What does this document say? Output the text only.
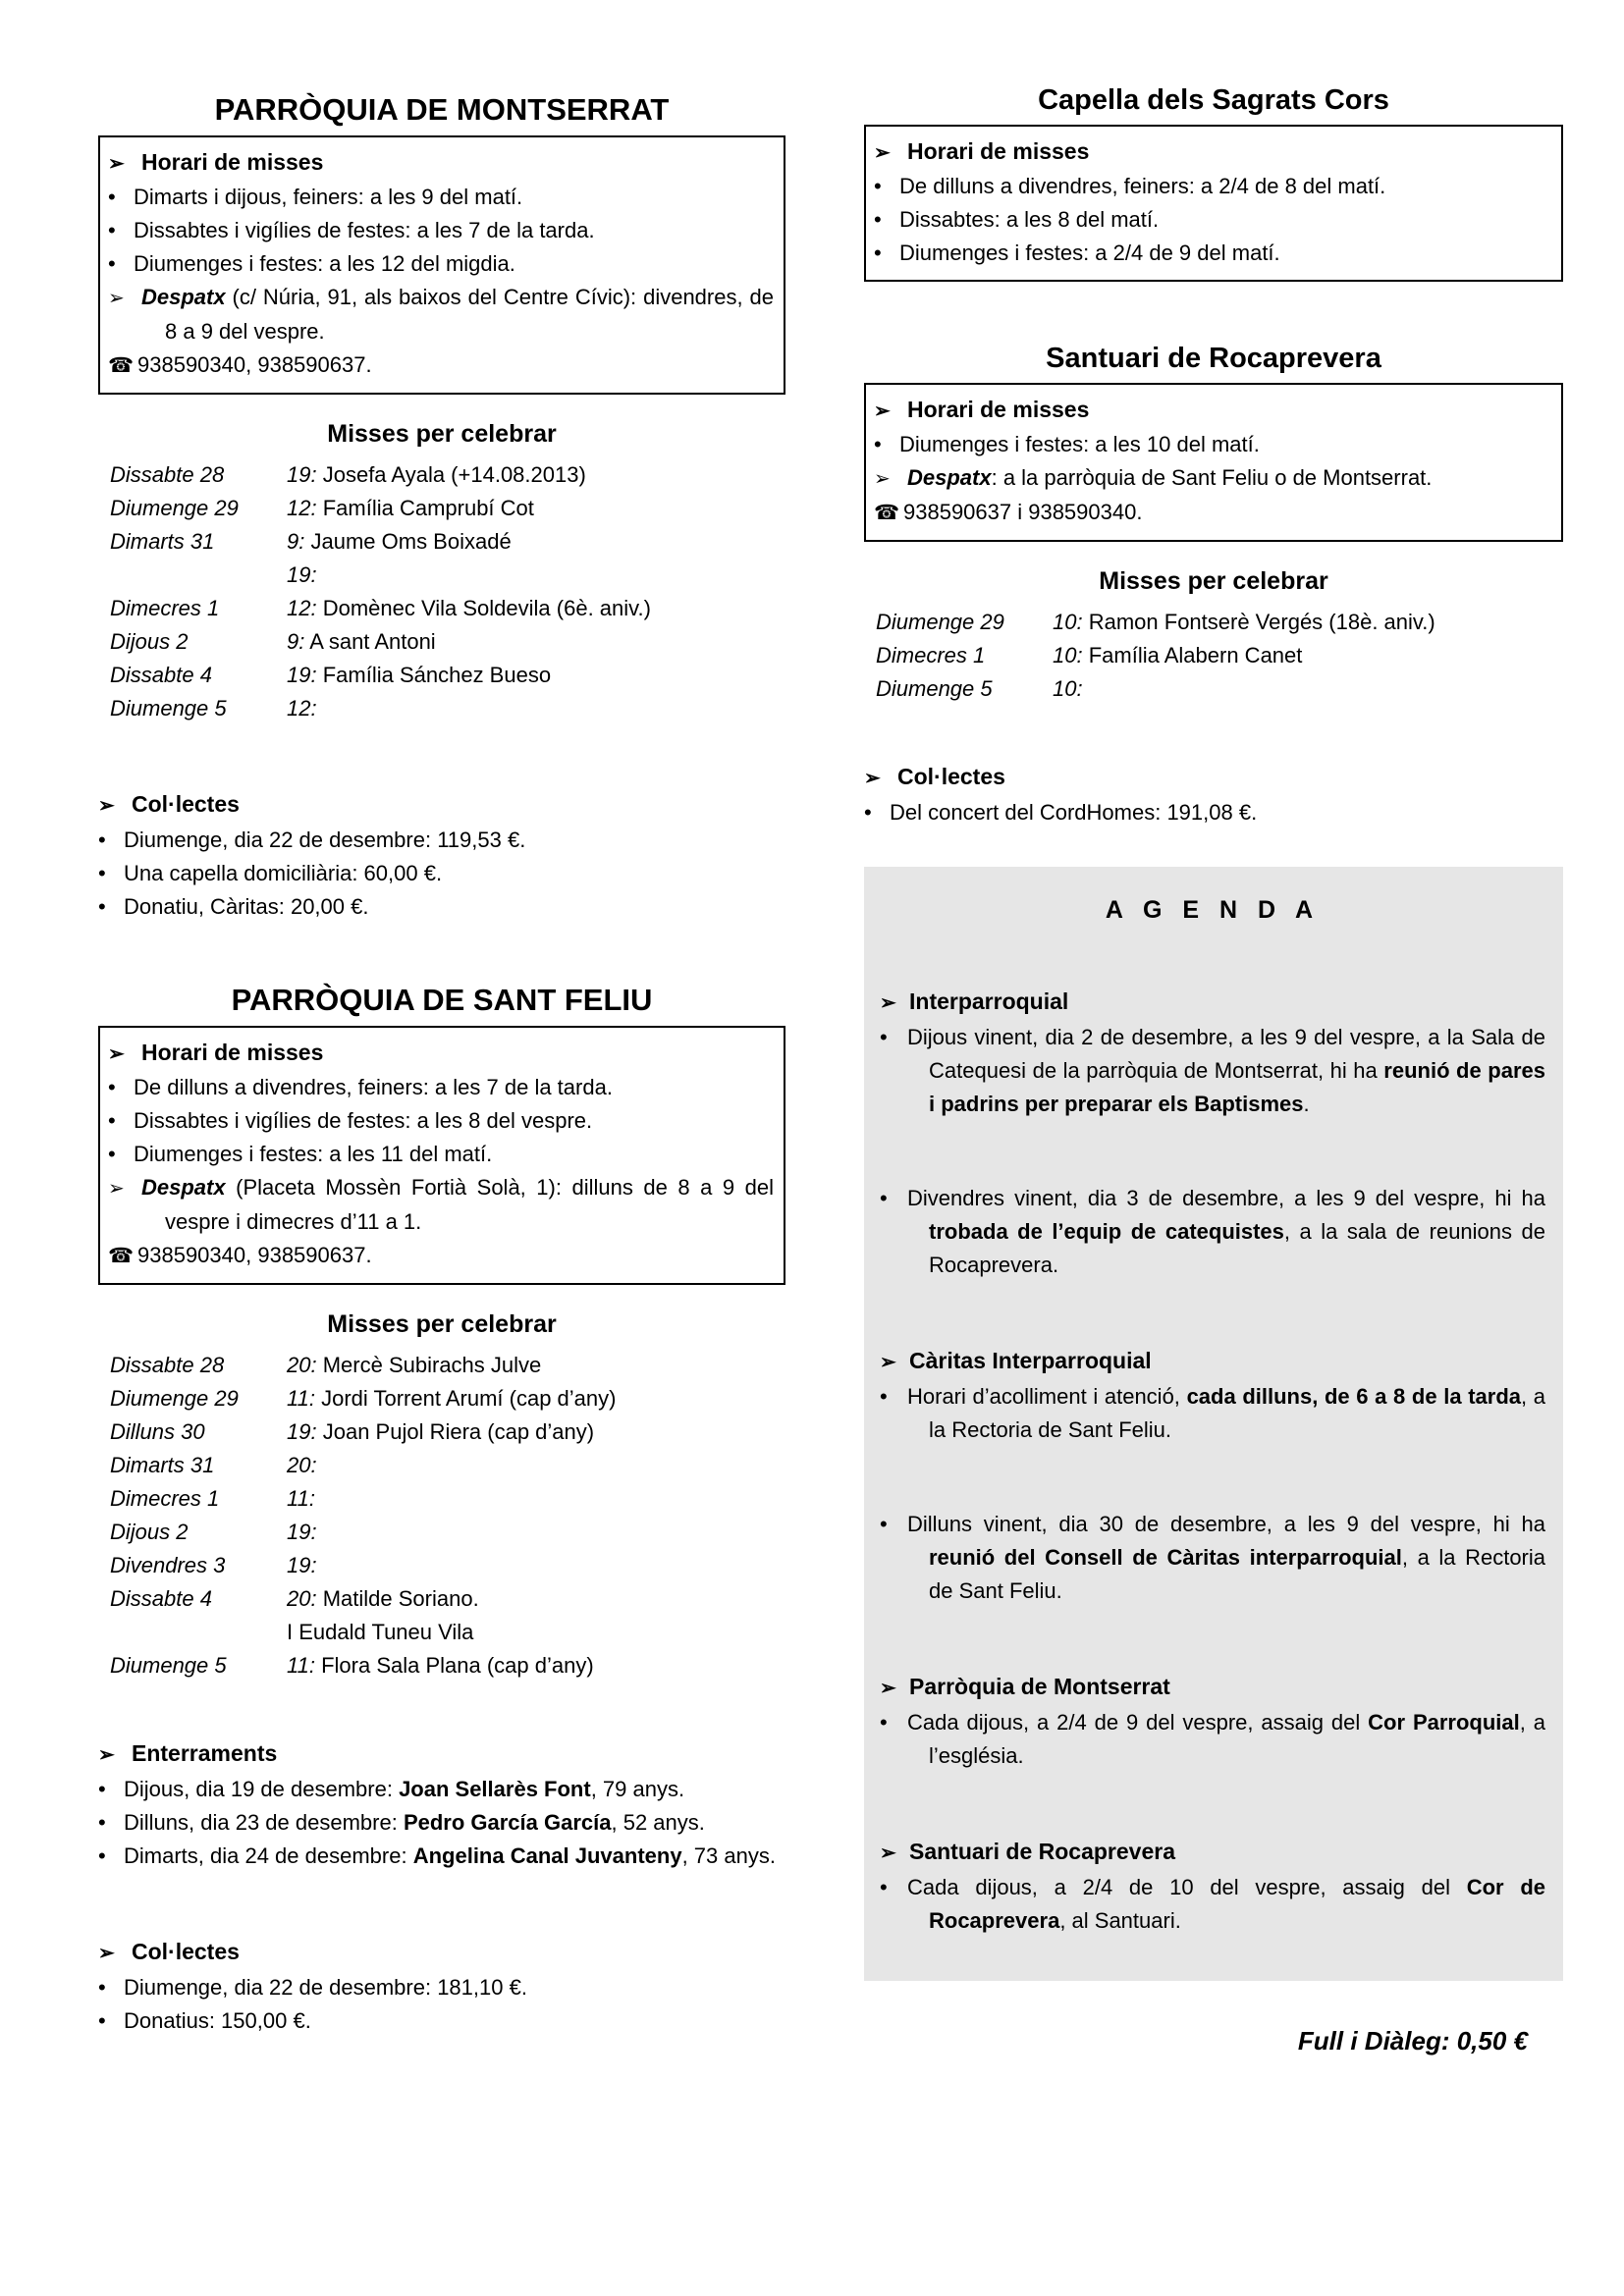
PARRÒQUIA DE MONTSERRAT
➢ Horari de misses
• Dimarts i dijous, feiners: a les 9 del matí.
• Dissabtes i vigílies de festes: a les 7 de la tarda.
• Diumenges i festes: a les 12 del migdia.
➢ Despatx (c/ Núria, 91, als baixos del Centre Cívic): divendres, de 8 a 9 del vespre.
☎ 938590340, 938590637.
Misses per celebrar
Dissabte 28	19: Josefa Ayala (+14.08.2013)
Diumenge 29	12: Família Camprubí Cot
Dimarts 31	9: Jaume Oms Boixadé
19:
Dimecres 1	12: Domènec Vila Soldevila (6è. aniv.)
Dijous 2	9: A sant Antoni
Dissabte 4	19: Família Sánchez Bueso
Diumenge 5	12:
➢ Col·lectes
• Diumenge, dia 22 de desembre: 119,53 €.
• Una capella domiciliària: 60,00 €.
• Donatiu, Càritas: 20,00 €.
PARRÒQUIA DE SANT FELIU
➢ Horari de misses
• De dilluns a divendres, feiners: a les 7 de la tarda.
• Dissabtes i vigílies de festes: a les 8 del vespre.
• Diumenges i festes: a les 11 del matí.
➢ Despatx (Placeta Mossèn Fortià Solà, 1): dilluns de 8 a 9 del vespre i dimecres d’11 a 1.
☎ 938590340, 938590637.
Misses per celebrar
Dissabte 28	20: Mercè Subirachs Julve
Diumenge 29	11: Jordi Torrent Arumí (cap d’any)
Dilluns 30	19: Joan Pujol Riera (cap d’any)
Dimarts 31	20:
Dimecres 1	11:
Dijous 2	19:
Divendres 3	19:
Dissabte 4	20: Matilde Soriano.
I Eudald Tuneu Vila
Diumenge 5	11: Flora Sala Plana (cap d’any)
➢ Enterraments
• Dijous, dia 19 de desembre: Joan Sellarès Font, 79 anys.
• Dilluns, dia 23 de desembre: Pedro García García, 52 anys.
• Dimarts, dia 24 de desembre: Angelina Canal Juvanteny, 73 anys.
➢ Col·lectes
• Diumenge, dia 22 de desembre: 181,10 €.
• Donatius: 150,00 €.
Capella dels Sagrats Cors
➢ Horari de misses
• De dilluns a divendres, feiners: a 2/4 de 8 del matí.
• Dissabtes: a les 8 del matí.
• Diumenges i festes: a 2/4 de 9 del matí.
Santuari de Rocaprevera
➢ Horari de misses
• Diumenges i festes: a les 10 del matí.
➢ Despatx: a la parròquia de Sant Feliu o de Montserrat.
☎ 938590637 i 938590340.
Misses per celebrar
Diumenge 29	10: Ramon Fontserè Vergés (18è. aniv.)
Dimecres 1	10: Família Alabern Canet
Diumenge 5	10:
➢ Col·lectes
• Del concert del CordHomes: 191,08 €.
A G E N D A
➢ Interparroquial
• Dijous vinent, dia 2 de desembre, a les 9 del vespre, a la Sala de Catequesi de la parròquia de Montserrat, hi ha reunió de pares i padrins per preparar els Baptismes.
• Divendres vinent, dia 3 de desembre, a les 9 del vespre, hi ha trobada de l’equip de catequistes, a la sala de reunions de Rocaprevera.
➢ Càritas Interparroquial
• Horari d’acolliment i atenció, cada dilluns, de 6 a 8 de la tarda, a la Rectoria de Sant Feliu.
• Dilluns vinent, dia 30 de desembre, a les 9 del vespre, hi ha reunió del Consell de Càritas interparroquial, a la Rectoria de Sant Feliu.
➢ Parròquia de Montserrat
• Cada dijous, a 2/4 de 9 del vespre, assaig del Cor Parroquial, a l’església.
➢ Santuari de Rocaprevera
• Cada dijous, a 2/4 de 10 del vespre, assaig del Cor de Rocaprevera, al Santuari.
Full i Diàleg: 0,50 €
